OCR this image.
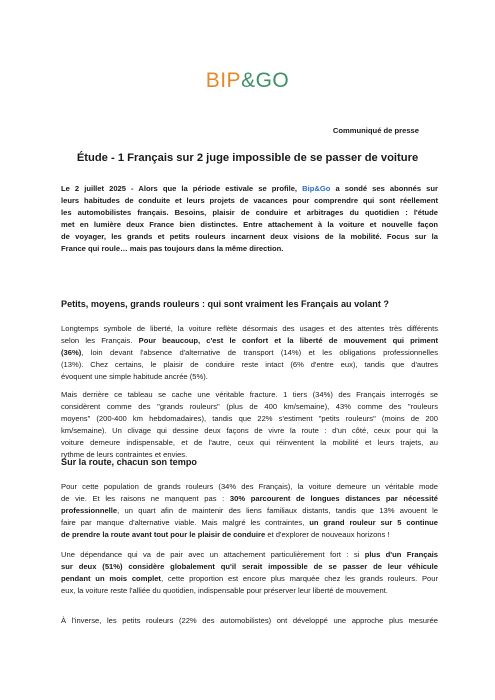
BIP&GO
Communiqué de presse
Étude - 1 Français sur 2 juge impossible de se passer de voiture
Le 2 juillet 2025 - Alors que la période estivale se profile, Bip&Go a sondé ses abonnés sur
leurs habitudes de conduite et leurs projets de vacances pour comprendre qui sont réellement
les automobilistes français. Besoins, plaisir de conduire et arbitrages du quotidien : l'étude
met en lumière deux France bien distinctes. Entre attachement à la voiture et nouvelle façon
de voyager, les grands et petits rouleurs incarnent deux visions de la mobilité. Focus sur la
France qui roule… mais pas toujours dans la même direction.
Petits, moyens, grands rouleurs : qui sont vraiment les Français au volant ?
Longtemps symbole de liberté, la voiture reflète désormais des usages et des attentes très différents
selon les Français. Pour beaucoup, c'est le confort et la liberté de mouvement qui priment
(36%), loin devant l'absence d'alternative de transport (14%) et les obligations professionnelles
(13%). Chez certains, le plaisir de conduire reste intact (6% d'entre eux), tandis que d'autres
évoquent une simple habitude ancrée (5%).
Mais derrière ce tableau se cache une véritable fracture. 1 tiers (34%) des Français interrogés se
considèrent comme des "grands rouleurs" (plus de 400 km/semaine), 43% comme des "rouleurs
moyens" (200-400 km hebdomadaires), tandis que 22% s'estiment "petits rouleurs" (moins de 200
km/semaine). Un clivage qui dessine deux façons de vivre la route : d'un côté, ceux pour qui la
voiture demeure indispensable, et de l'autre, ceux qui réinventent la mobilité et leurs trajets, au
rythme de leurs contraintes et envies.
Sur la route, chacun son tempo
Pour cette population de grands rouleurs (34% des Français), la voiture demeure un véritable mode
de vie. Et les raisons ne manquent pas : 30% parcourent de longues distances par nécessité
professionnelle, un quart afin de maintenir des liens familiaux distants, tandis que 13% avouent le
faire par manque d'alternative viable. Mais malgré les contraintes, un grand rouleur sur 5 continue
de prendre la route avant tout pour le plaisir de conduire et d'explorer de nouveaux horizons !
Une dépendance qui va de pair avec un attachement particulièrement fort : si plus d'un Français
sur deux (51%) considère globalement qu'il serait impossible de se passer de leur véhicule
pendant un mois complet, cette proportion est encore plus marquée chez les grands rouleurs. Pour
eux, la voiture reste l'alliée du quotidien, indispensable pour préserver leur liberté de mouvement.
À l'inverse, les petits rouleurs (22% des automobilistes) ont développé une approche plus mesurée
